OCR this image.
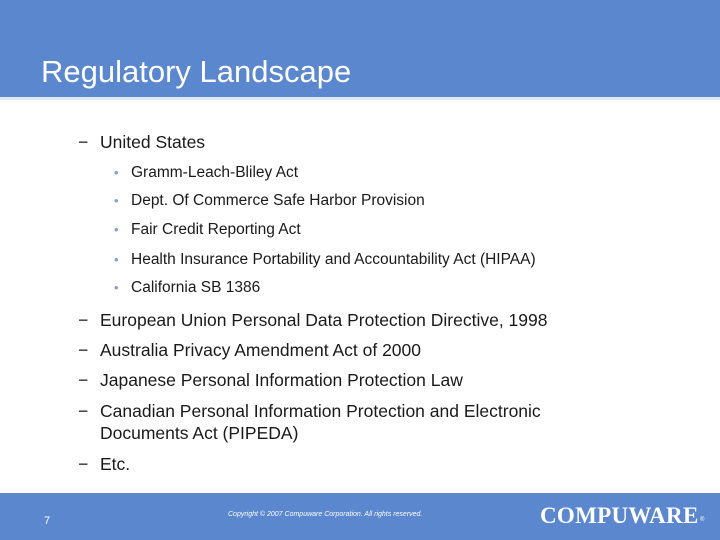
Regulatory Landscape
− United States
• Gramm-Leach-Bliley Act
• Dept. Of Commerce Safe Harbor Provision
• Fair Credit Reporting Act
• Health Insurance Portability and Accountability Act (HIPAA)
• California SB 1386
− European Union Personal Data Protection Directive, 1998
− Australia Privacy Amendment Act of 2000
− Japanese Personal Information Protection Law
− Canadian Personal Information Protection and Electronic Documents Act (PIPEDA)
− Etc.
7
Copyright © 2007 Compuware Corporation. All rights reserved.	COMPUWARE ®
